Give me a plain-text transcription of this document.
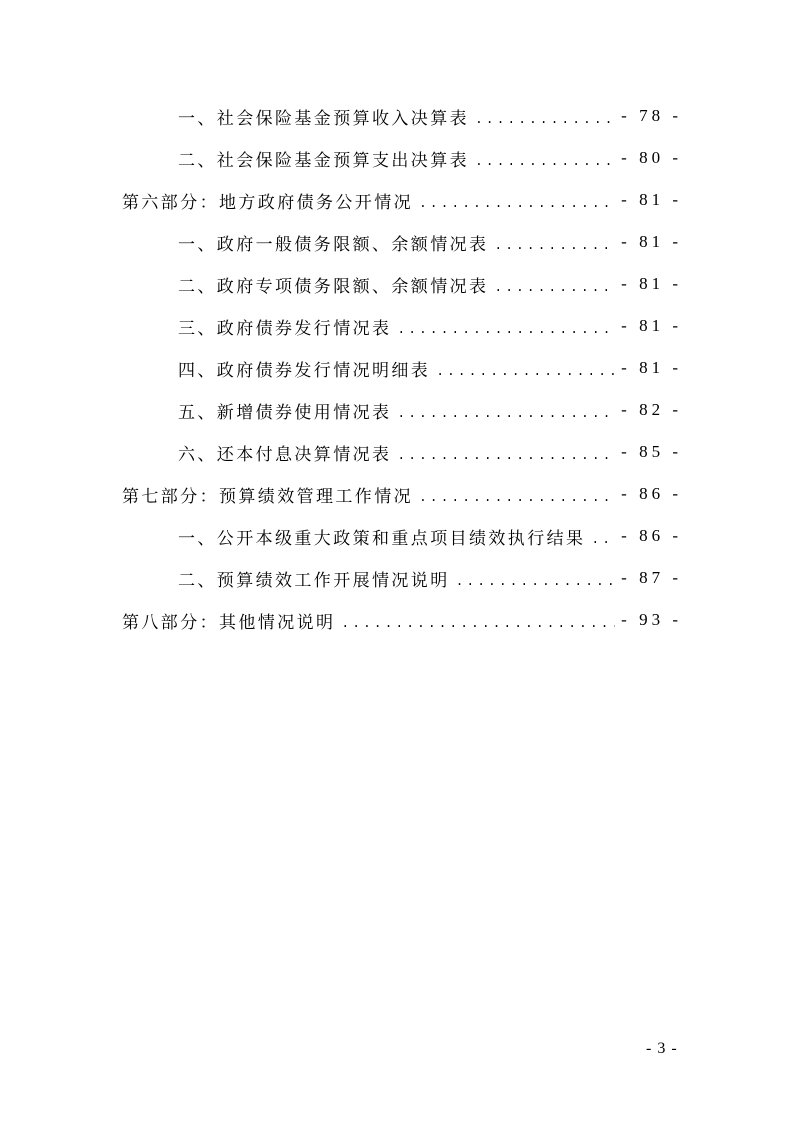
一、社会保险基金预算收入决算表 .....	- 78 -
二、社会保险基金预算支出决算表 .....	- 80 -
第六部分：地方政府债务公开情况 .....	- 81 -
一、政府一般债务限额、余额情况表 .....	- 81 -
二、政府专项债务限额、余额情况表 .....	- 81 -
三、政府债券发行情况表 .....	- 81 -
四、政府债券发行情况明细表 .....	- 81 -
五、新增债券使用情况表 .....	- 82 -
六、还本付息决算情况表 .....	- 85 -
第七部分：预算绩效管理工作情况 .....	- 86 -
一、公开本级重大政策和重点项目绩效执行结果 ..... - 86 -
二、预算绩效工作开展情况说明 .....	- 87 -
第八部分：其他情况说明 .....	- 93 -
- 3 -
